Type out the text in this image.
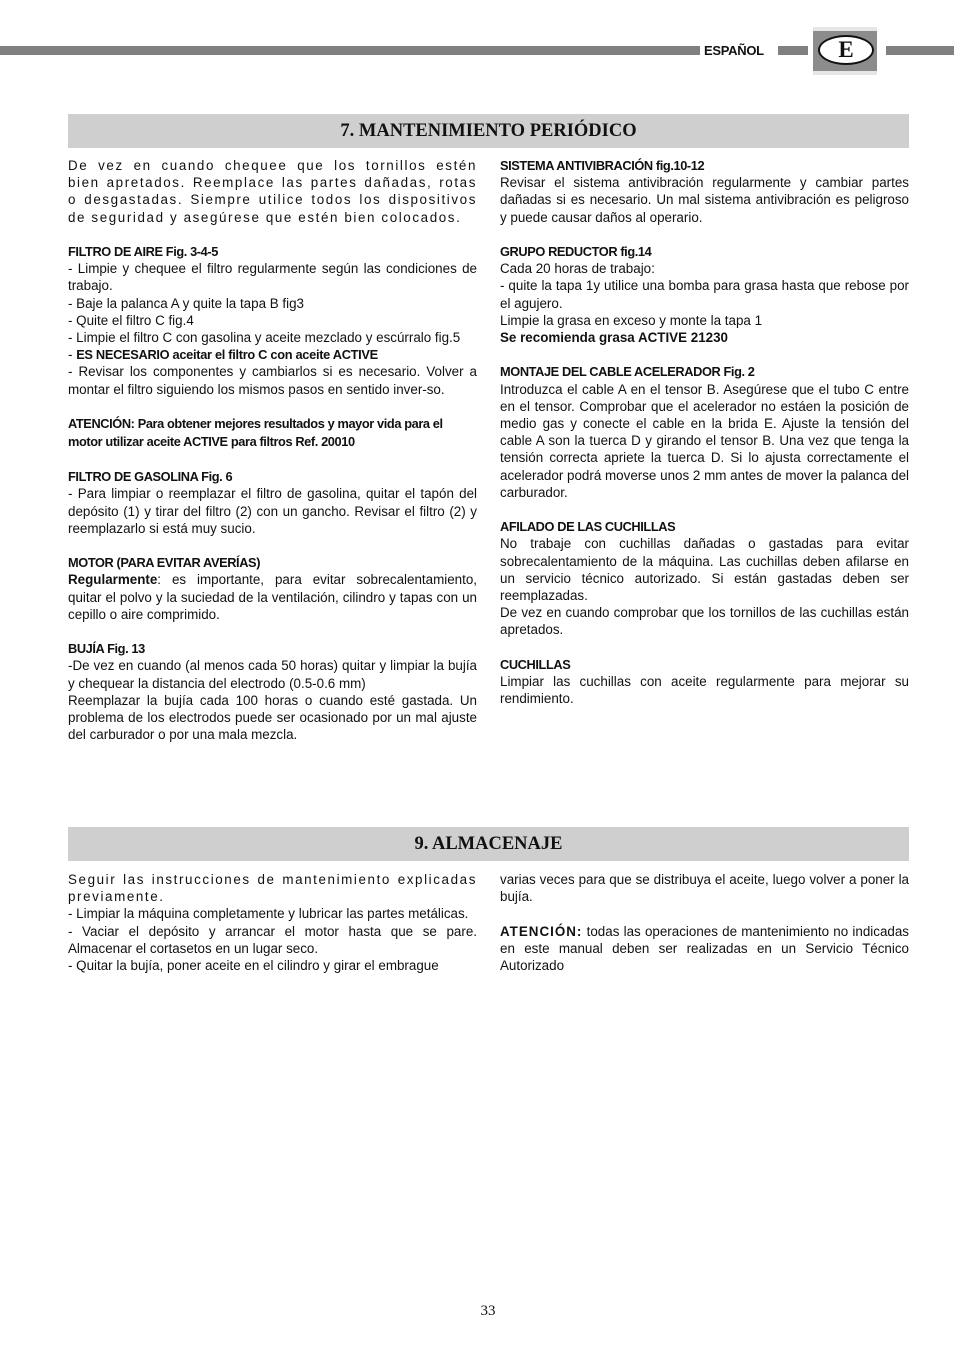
ESPAÑOL	E
7. MANTENIMIENTO PERIÓDICO

De vez en cuando chequee que los tornillos estén bien apretados. Reemplace las partes dañadas, rotas o desgastadas. Siempre utilice todos los dispositivos de seguridad y asegúrese que estén bien colocados.

FILTRO DE AIRE Fig. 3-4-5

- Limpie y chequee el filtro regularmente según las condiciones de trabajo.

- Baje la palanca A y quite la tapa B fig3

- Quite el filtro C fig.4

- Limpie el filtro C con gasolina y aceite mezclado y escúrralo fig.5

- ES NECESARIO aceitar el filtro C con aceite ACTIVE

- Revisar los componentes y cambiarlos si es necesario. Volver a montar el filtro siguiendo los mismos pasos en sentido inver-so.

ATENCIÓN: Para obtener mejores resultados y mayor vida para el motor utilizar aceite ACTIVE para filtros Ref. 20010

FILTRO DE GASOLINA Fig. 6

- Para limpiar o reemplazar el filtro de gasolina, quitar el tapón del depósito (1) y tirar del filtro (2) con un gancho. Revisar el filtro (2) y reemplazarlo si está muy sucio.

MOTOR (PARA EVITAR AVERÍAS)

Regularmente: es importante, para evitar sobrecalentamiento, quitar el polvo y la suciedad de la ventilación, cilindro y tapas con un cepillo o aire comprimido.

BUJÍA Fig. 13

-De vez en cuando (al menos cada 50 horas) quitar y limpiar la bujía y chequear la distancia del electrodo (0.5-0.6 mm)

Reemplazar la bujía cada 100 horas o cuando esté gastada. Un problema de los electrodos puede ser ocasionado por un mal ajuste del carburador o por una mala mezcla.

SISTEMA ANTIVIBRACIÓN fig.10-12

Revisar el sistema antivibración regularmente y cambiar partes dañadas si es necesario. Un mal sistema antivibración es peligroso y puede causar daños al operario.

GRUPO REDUCTOR fig.14

Cada 20 horas de trabajo:

- quite la tapa 1y utilice una bomba para grasa hasta que rebose por el agujero.

Limpie la grasa en exceso y monte la tapa 1

Se recomienda grasa ACTIVE 21230

MONTAJE DEL CABLE ACELERADOR Fig. 2

Introduzca el cable A en el tensor B. Asegúrese que el tubo C entre en el tensor. Comprobar que el acelerador no estáen la posición de medio gas y conecte el cable en la brida E. Ajuste la tensión del cable A son la tuerca D y girando el tensor B. Una vez que tenga la tensión correcta apriete la tuerca D. Si lo ajusta correctamente el acelerador podrá moverse unos 2 mm antes de mover la palanca del carburador.

AFILADO DE LAS CUCHILLAS

No trabaje con cuchillas dañadas o gastadas para evitar sobrecalentamiento de la máquina. Las cuchillas deben afilarse en un servicio técnico autorizado. Si están gastadas deben ser reemplazadas.

De vez en cuando comprobar que los tornillos de las cuchillas están apretados.

CUCHILLAS

Limpiar las cuchillas con aceite regularmente para mejorar su rendimiento.

9. ALMACENAJE

Seguir las instrucciones de mantenimiento explicadas previamente.

- Limpiar la máquina completamente y lubricar las partes metálicas.

- Vaciar el depósito y arrancar el motor hasta que se pare. Almacenar el cortasetos en un lugar seco.

- Quitar la bujía, poner aceite en el cilindro y girar el embrague

varias veces para que se distribuya el aceite, luego volver a poner la bujía.

ATENCIÓN: todas las operaciones de mantenimiento no indicadas en este manual deben ser realizadas en un Servicio Técnico Autorizado

33
